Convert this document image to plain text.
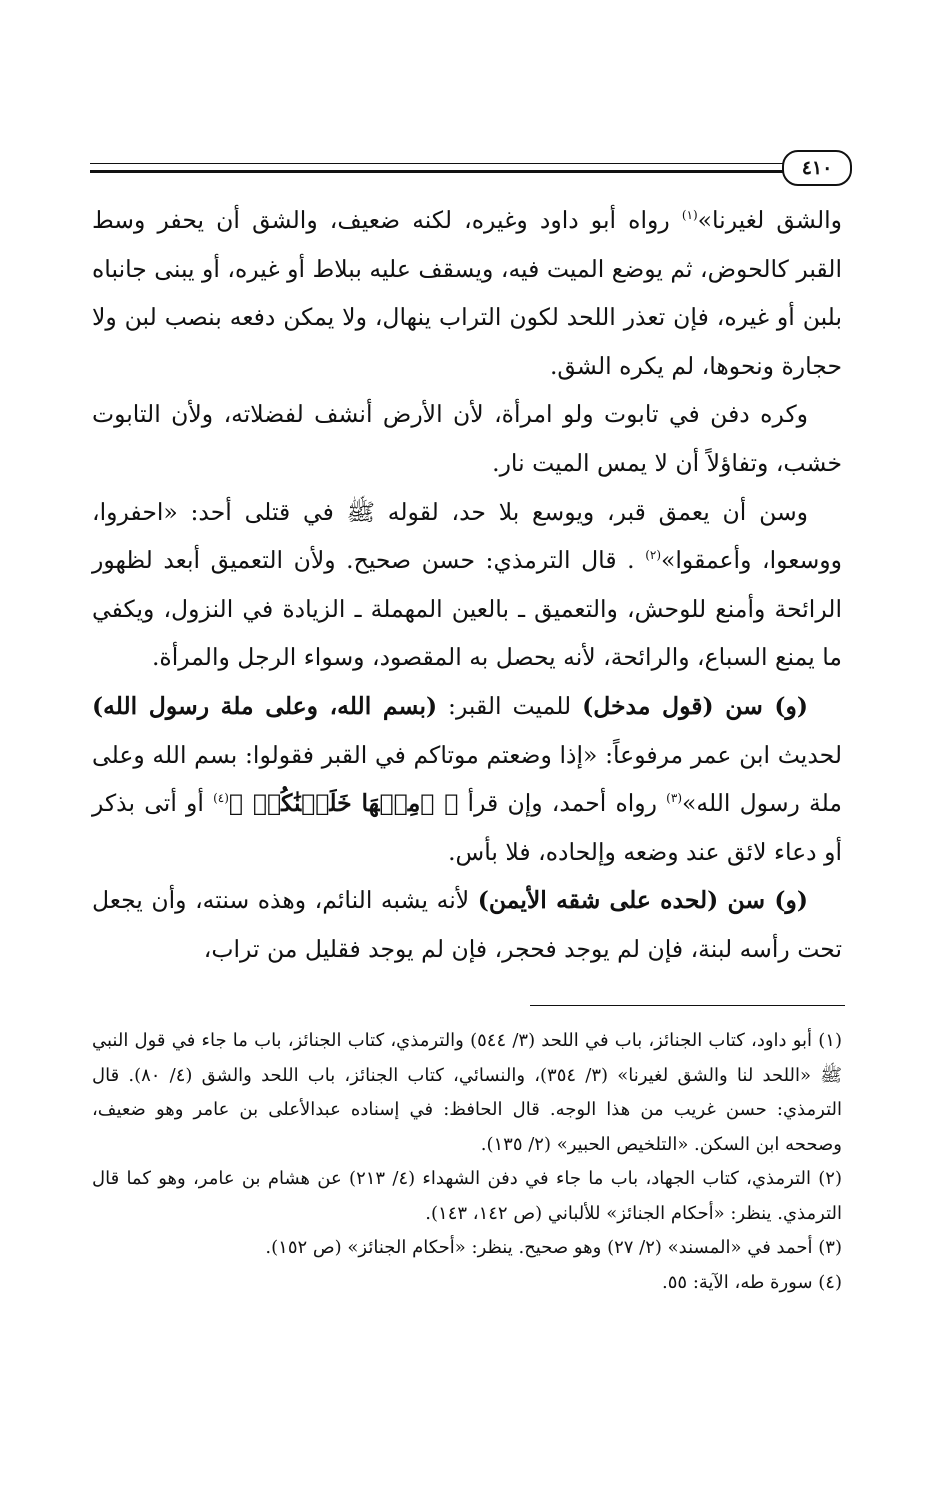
٤١٠

والشق لغيرنا»$^{(١)}$ رواه أبو داود وغيره، لكنه ضعيف، والشق أن يحفر وسط القبر كالحوض، ثم يوضع الميت فيه، ويسقف عليه ببلاط أو غيره، أو يبنى جانباه بلبن أو غيره، فإن تعذر اللحد لكون التراب ينهال، ولا يمكن دفعه بنصب لبن ولا حجارة ونحوها، لم يكره الشق.

وكره دفن في تابوت ولو امرأة، لأن الأرض أنشف لفضلاته، ولأن التابوت خشب، وتفاؤلاً أن لا يمس الميت نار.

وسن أن يعمق قبر، ويوسع بلا حد، لقوله ﷺ في قتلى أحد: «احفروا، ووسعوا، وأعمقوا»$^{(٢)}$ . قال الترمذي: حسن صحيح. ولأن التعميق أبعد لظهور الرائحة وأمنع للوحش، والتعميق ـ بالعين المهملة ـ الزيادة في النزول، ويكفي ما يمنع السباع، والرائحة، لأنه يحصل به المقصود، وسواء الرجل والمرأة.

(و) سن (قول مدخل) للميت القبر: (بسم الله، وعلى ملة رسول الله) لحديث ابن عمر مرفوعاً: «إذا وضعتم موتاكم في القبر فقولوا: بسم الله وعلى ملة رسول الله»$^{(٣)}$ رواه أحمد، وإن قرأ ﴿ ۞مِنۡهَا خَلَقۡنَٰكُمۡ ﴾$^{(٤)}$ أو أتى بذكر أو دعاء لائق عند وضعه وإلحاده، فلا بأس.

(و) سن (لحده على شقه الأيمن) لأنه يشبه النائم، وهذه سنته، وأن يجعل تحت رأسه لبنة، فإن لم يوجد فحجر، فإن لم يوجد فقليل من تراب،

(١) أبو داود، كتاب الجنائز، باب في اللحد (٣/ ٥٤٤) والترمذي، كتاب الجنائز، باب ما جاء في قول النبي ﷺ «اللحد لنا والشق لغيرنا» (٣/ ٣٥٤)، والنسائي، كتاب الجنائز، باب اللحد والشق (٤/ ٨٠). قال الترمذي: حسن غريب من هذا الوجه. قال الحافظ: في إسناده عبدالأعلى بن عامر وهو ضعيف، وصححه ابن السكن. «التلخيص الحبير» (٢/ ١٣٥).

(٢) الترمذي، كتاب الجهاد، باب ما جاء في دفن الشهداء (٤/ ٢١٣) عن هشام بن عامر، وهو كما قال الترمذي. ينظر: «أحكام الجنائز» للألباني (ص ١٤٢، ١٤٣).

(٣) أحمد في «المسند» (٢/ ٢٧) وهو صحيح. ينظر: «أحكام الجنائز» (ص ١٥٢).

(٤) سورة طه، الآية: ٥٥.
